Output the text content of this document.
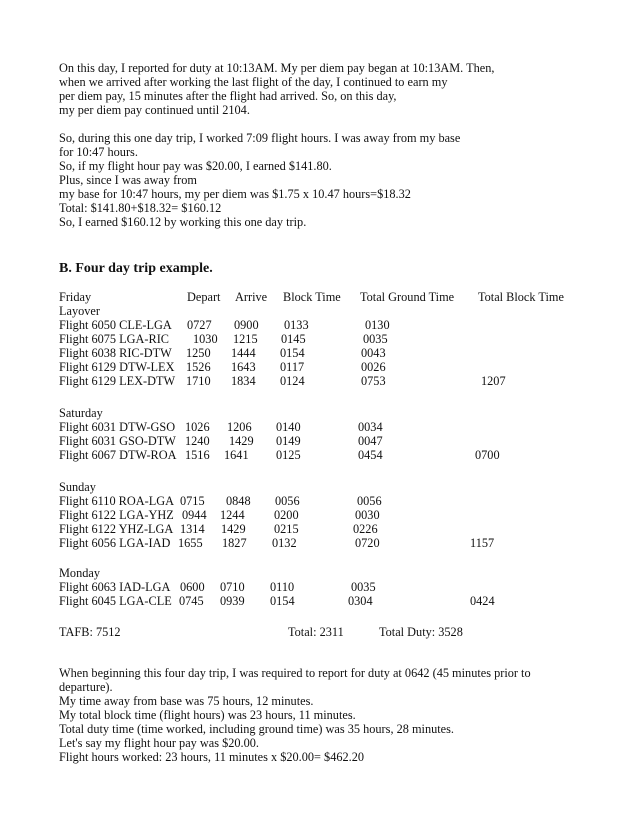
On this day, I reported for duty at 10:13AM. My per diem pay began at 10:13AM. Then,
when we arrived after working the last flight of the day, I continued to earn my
per diem pay, 15 minutes after the flight had arrived. So, on this day,
my per diem pay continued until 2104.
So, during this one day trip, I worked 7:09 flight hours. I was away from my base
for 10:47 hours.
So, if my flight hour pay was $20.00, I earned $141.80.
Plus, since I was away from
my base for 10:47 hours, my per diem was $1.75 x 10.47 hours=$18.32
Total: $141.80+$18.32= $160.12
So, I earned $160.12 by working this one day trip.
B. Four day trip example.
Friday	Depart Arrive Block Time Total Ground Time Total Block Time
Layover
Flight 6050 CLE-LGA 0727 0900 0133	0130
Flight 6075 LGA-RIC 1030 1215 0145	0035
Flight 6038 RIC-DTW 1250 1444 0154	0043
Flight 6129 DTW-LEX 1526 1643 0117	0026
Flight 6129 LEX-DTW 1710 1834 0124	0753	1207
Saturday
Flight 6031 DTW-GSO 1026 1206 0140	0034
Flight 6031 GSO-DTW 1240 1429 0149	0047
Flight 6067 DTW-ROA 1516 1641 0125	0454	0700
Sunday
Flight 6110 ROA-LGA 0715 0848 0056	0056
Flight 6122 LGA-YHZ 0944 1244 0200	0030
Flight 6122 YHZ-LGA 1314 1429 0215	0226
Flight 6056 LGA-IAD 1655 1827 0132	0720	1157
Monday
Flight 6063 IAD-LGA 0600 0710 0110	0035
Flight 6045 LGA-CLE 0745 0939 0154	0304	0424
TAFB: 7512	Total: 2311	Total Duty: 3528
When beginning this four day trip, I was required to report for duty at 0642 (45 minutes prior to
departure).
My time away from base was 75 hours, 12 minutes.
My total block time (flight hours) was 23 hours, 11 minutes.
Total duty time (time worked, including ground time) was 35 hours, 28 minutes.
Let's say my flight hour pay was $20.00.
Flight hours worked: 23 hours, 11 minutes x $20.00= $462.20
